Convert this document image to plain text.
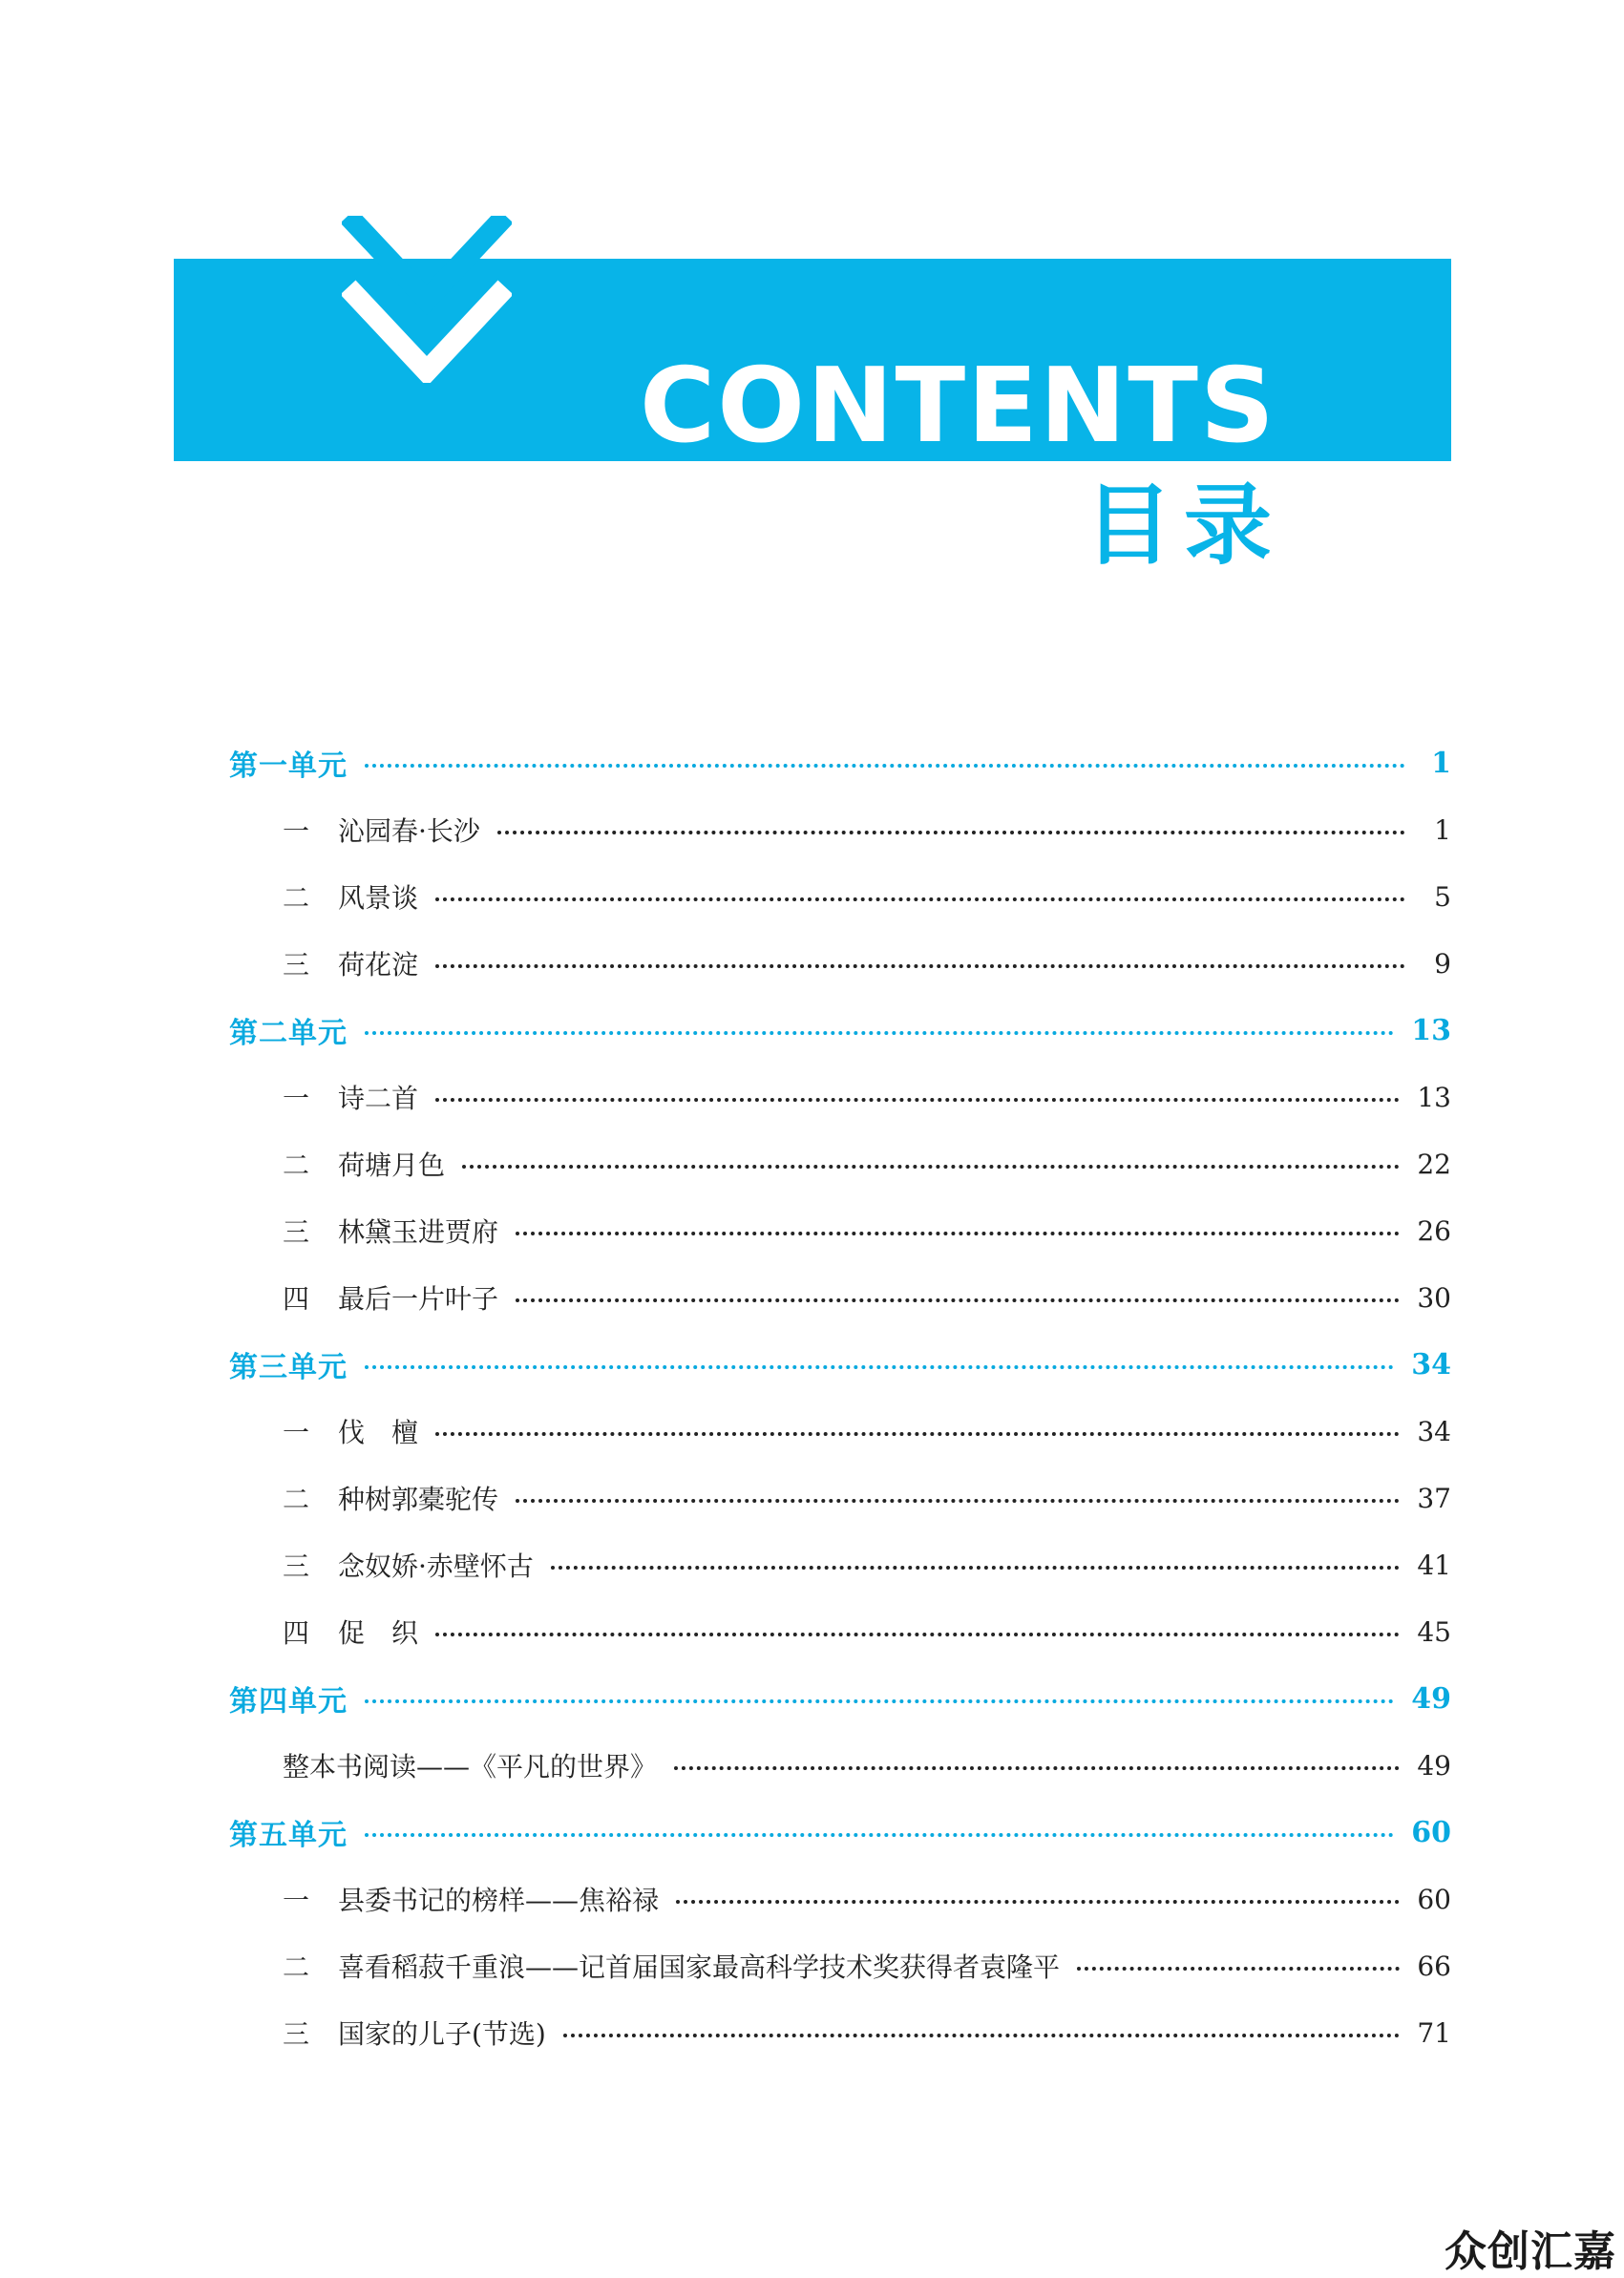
CONTENTS
目录
第一单元	1
一	沁园春·长沙	1
二	风景谈	5
三	荷花淀	9
第二单元	13
一	诗二首	13
二	荷塘月色	22
三	林黛玉进贾府	26
四	最后一片叶子	30
第三单元	34
一	伐　檀	34
二	种树郭橐驼传	37
三	念奴娇·赤壁怀古	41
四	促　织	45
第四单元	49
整本书阅读——《平凡的世界》	49
第五单元	60
一	县委书记的榜样——焦裕禄	60
二	喜看稻菽千重浪——记首届国家最高科学技术奖获得者袁隆平	66
三	国家的儿子(节选)	71
众创汇嘉
